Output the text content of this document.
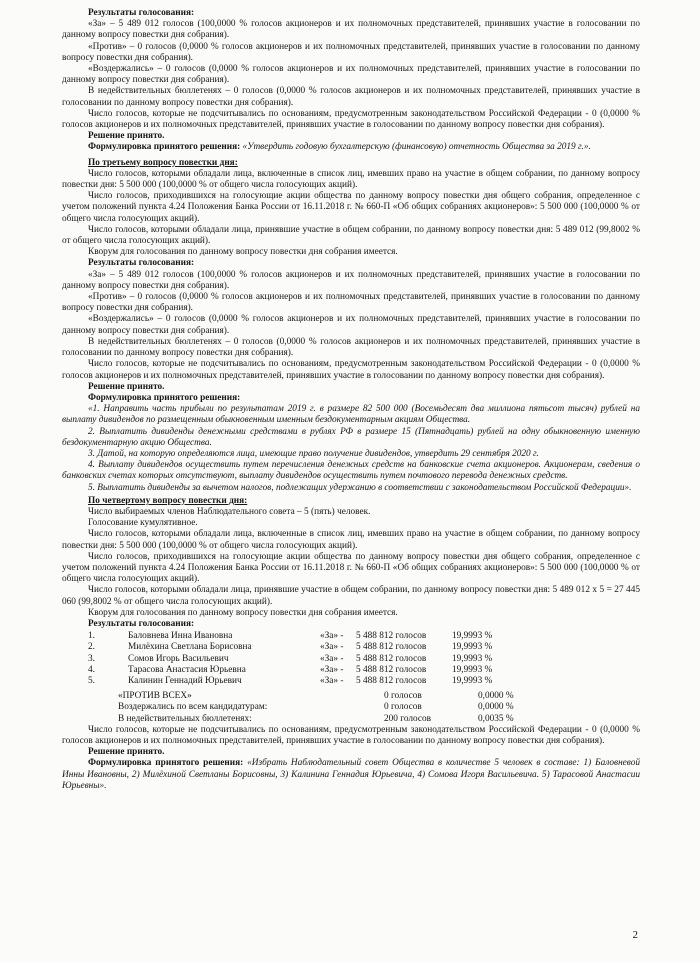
Результаты голосования:

«За» – 5 489 012 голосов (100,0000 % голосов акционеров и их полномочных представителей, принявших участие в голосовании по данному вопросу повестки дня собрания).

«Против» – 0 голосов (0,0000 % голосов акционеров и их полномочных представителей, принявших участие в голосовании по данному вопросу повестки дня собрания).

«Воздержались» – 0 голосов (0,0000 % голосов акционеров и их полномочных представителей, принявших участие в голосовании по данному вопросу повестки дня собрания).

В недействительных бюллетенях – 0 голосов (0,0000 % голосов акционеров и их полномочных представителей, принявших участие в голосовании по данному вопросу повестки дня собрания).

Число голосов, которые не подсчитывались по основаниям, предусмотренным законодательством Российской Федерации - 0 (0,0000 % голосов акционеров и их полномочных представителей, принявших участие в голосовании по данному вопросу повестки дня собрания).

Решение принято.

Формулировка принятого решения: «Утвердить годовую бухгалтерскую (финансовую) отчетность Общества за 2019 г.».

По третьему вопросу повестки дня:

Число голосов, которыми обладали лица, включенные в список лиц, имевших право на участие в общем собрании, по данному вопросу повестки дня: 5 500 000 (100,0000 % от общего числа голосующих акций).

Число голосов, приходившихся на голосующие акции общества по данному вопросу повестки дня общего собрания, определенное с учетом положений пункта 4.24 Положения Банка России от 16.11.2018 г. № 660-П «Об общих собраниях акционеров»: 5 500 000 (100,0000 % от общего числа голосующих акций).

Число голосов, которыми обладали лица, принявшие участие в общем собрании, по данному вопросу повестки дня: 5 489 012 (99,8002 % от общего числа голосующих акций).

Кворум для голосования по данному вопросу повестки дня собрания имеется.

Результаты голосования:

«За» – 5 489 012 голосов (100,0000 % голосов акционеров и их полномочных представителей, принявших участие в голосовании по данному вопросу повестки дня собрания).

«Против» – 0 голосов (0,0000 % голосов акционеров и их полномочных представителей, принявших участие в голосовании по данному вопросу повестки дня собрания).

«Воздержались» – 0 голосов (0,0000 % голосов акционеров и их полномочных представителей, принявших участие в голосовании по данному вопросу повестки дня собрания).

В недействительных бюллетенях – 0 голосов (0,0000 % голосов акционеров и их полномочных представителей, принявших участие в голосовании по данному вопросу повестки дня собрания).

Число голосов, которые не подсчитывались по основаниям, предусмотренным законодательством Российской Федерации - 0 (0,0000 % голосов акционеров и их полномочных представителей, принявших участие в голосовании по данному вопросу повестки дня собрания).

Решение принято.

Формулировка принятого решения:

«1. Направить часть прибыли по результатам 2019 г. в размере 82 500 000 (Восемьдесят два миллиона пятьсот тысяч) рублей на выплату дивидендов по размещенным обыкновенным именным бездокументарным акциям Общества.

2. Выплатить дивиденды денежными средствами в рублях РФ в размере 15 (Пятнадцать) рублей на одну обыкновенную именную бездокументарную акцию Общества.

3. Датой, на которую определяются лица, имеющие право получение дивидендов, утвердить 29 сентября 2020 г.

4. Выплату дивидендов осуществить путем перечисления денежных средств на банковские счета акционеров. Акционерам, сведения о банковских счетах которых отсутствуют, выплату дивидендов осуществить путем почтового перевода денежных средств.

5. Выплатить дивиденды за вычетом налогов, подлежащих удержанию в соответствии с законодательством Российской Федерации».

По четвертому вопросу повестки дня:

Число выбираемых членов Наблюдательного совета – 5 (пять) человек.

Голосование кумулятивное.

Число голосов, которыми обладали лица, включенные в список лиц, имевших право на участие в общем собрании, по данному вопросу повестки дня: 5 500 000 (100,0000 % от общего числа голосующих акций).

Число голосов, приходившихся на голосующие акции общества по данному вопросу повестки дня общего собрания, определенное с учетом положений пункта 4.24 Положения Банка России от 16.11.2018 г. № 660-П «Об общих собраниях акционеров»: 5 500 000 (100,0000 % от общего числа голосующих акций).

Число голосов, которыми обладали лица, принявшие участие в общем собрании, по данному вопросу повестки дня: 5 489 012 х 5 = 27 445 060 (99,8002 % от общего числа голосующих акций).

Кворум для голосования по данному вопросу повестки дня собрания имеется.

Результаты голосования:

1.	Баловнева Инна Ивановна	«За» -	5 488 812 голосов	19,9993 %
2.	Милёхина Светлана Борисовна	«За» -	5 488 812 голосов	19,9993 %
3.	Сомов Игорь Васильевич	«За» -	5 488 812 голосов	19,9993 %
4.	Тарасова Анастасия Юрьевна	«За» -	5 488 812 голосов	19,9993 %
5.	Калинин Геннадий Юрьевич	«За» -	5 488 812 голосов	19,9993 %
«ПРОТИВ ВСЕХ»	0 голосов	0,0000 %
Воздержались по всем кандидатурам:	0 голосов	0,0000 %
В недействительных бюллетенях:	200 голосов	0,0035 %

Число голосов, которые не подсчитывались по основаниям, предусмотренным законодательством Российской Федерации - 0 (0,0000 % голосов акционеров и их полномочных представителей, принявших участие в голосовании по данному вопросу повестки дня собрания).

Решение принято.

Формулировка принятого решения: «Избрать Наблюдательный совет Общества в количестве 5 человек в составе: 1) Баловневой Инны Ивановны, 2) Милёхиной Светланы Борисовны, 3) Калинина Геннадия Юрьевича, 4) Сомова Игоря Васильевича. 5) Тарасовой Анастасии Юрьевны».

2
